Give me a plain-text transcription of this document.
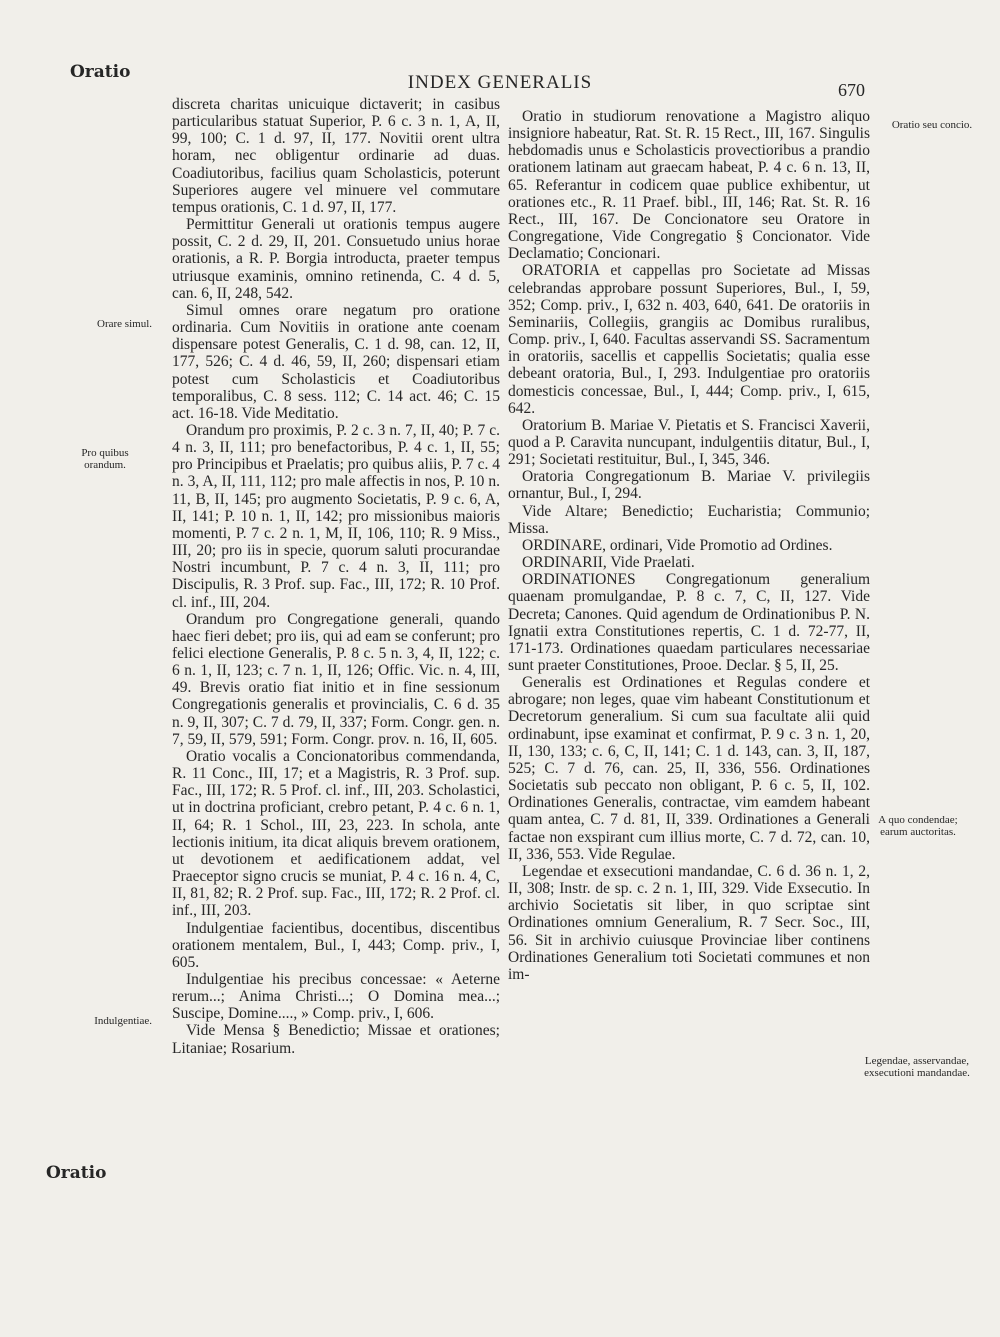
Oratio	INDEX GENERALIS	670
Oratio
Orare simul.
Pro quibus orandum.
Indulgentiae.
Oratio seu concio.
A quo condendae; earum auctoritas.
Legendae, asservandae, exsecutioni mandandae.

discreta charitas unicuique dictaverit; in casibus particularibus statuat Superior, P. 6 c. 3 n. 1, A, II, 99, 100; C. 1 d. 97, II, 177. Novitii orent ultra horam, nec obligentur ordinarie ad duas. Coadiutoribus, facilius quam Scholasticis, poterunt Superiores augere vel minuere vel commutare tempus orationis, C. 1 d. 97, II, 177.

Permittitur Generali ut orationis tempus augere possit, C. 2 d. 29, II, 201. Consuetudo unius horae orationis, a R. P. Borgia introducta, praeter tempus utriusque examinis, omnino retinenda, C. 4 d. 5, can. 6, II, 248, 542.

Simul omnes orare negatum pro oratione ordinaria. Cum Novitiis in oratione ante coenam dispensare potest Generalis, C. 1 d. 98, can. 12, II, 177, 526; C. 4 d. 46, 59, II, 260; dispensari etiam potest cum Scholasticis et Coadiutoribus temporalibus, C. 8 sess. 112; C. 14 act. 46; C. 15 act. 16-18. Vide Meditatio.

Orandum pro proximis, P. 2 c. 3 n. 7, II, 40; P. 7 c. 4 n. 3, II, 111; pro benefactoribus, P. 4 c. 1, II, 55; pro Principibus et Praelatis; pro quibus aliis, P. 7 c. 4 n. 3, A, II, 111, 112; pro male affectis in nos, P. 10 n. 11, B, II, 145; pro augmento Societatis, P. 9 c. 6, A, II, 141; P. 10 n. 1, II, 142; pro missionibus maioris momenti, P. 7 c. 2 n. 1, M, II, 106, 110; R. 9 Miss., III, 20; pro iis in specie, quorum saluti procurandae Nostri incumbunt, P. 7 c. 4 n. 3, II, 111; pro Discipulis, R. 3 Prof. sup. Fac., III, 172; R. 10 Prof. cl. inf., III, 204.

Orandum pro Congregatione generali, quando haec fieri debet; pro iis, qui ad eam se conferunt; pro felici electione Generalis, P. 8 c. 5 n. 3, 4, II, 122; c. 6 n. 1, II, 123; c. 7 n. 1, II, 126; Offic. Vic. n. 4, III, 49. Brevis oratio fiat initio et in fine sessionum Congregationis generalis et provincialis, C. 6 d. 35 n. 9, II, 307; C. 7 d. 79, II, 337; Form. Congr. gen. n. 7, 59, II, 579, 591; Form. Congr. prov. n. 16, II, 605.

Oratio vocalis a Concionatoribus commendanda, R. 11 Conc., III, 17; et a Magistris, R. 3 Prof. sup. Fac., III, 172; R. 5 Prof. cl. inf., III, 203. Scholastici, ut in doctrina proficiant, crebro petant, P. 4 c. 6 n. 1, II, 64; R. 1 Schol., III, 23, 223. In schola, ante lectionis initium, ita dicat aliquis brevem orationem, ut devotionem et aedificationem addat, vel Praeceptor signo crucis se muniat, P. 4 c. 16 n. 4, C, II, 81, 82; R. 2 Prof. sup. Fac., III, 172; R. 2 Prof. cl. inf., III, 203.

Indulgentiae facientibus, docentibus, discentibus orationem mentalem, Bul., I, 443; Comp. priv., I, 605.

Indulgentiae his precibus concessae: « Aeterne rerum...; Anima Christi...; O Domina mea...; Suscipe, Domine...., » Comp. priv., I, 606.

Vide Mensa § Benedictio; Missae et orationes; Litaniae; Rosarium.

Oratio in studiorum renovatione a Magistro aliquo insigniore habeatur, Rat. St. R. 15 Rect., III, 167. Singulis hebdomadis unus e Scholasticis provectioribus a prandio orationem latinam aut graecam habeat, P. 4 c. 6 n. 13, II, 65. Referantur in codicem quae publice exhibentur, ut orationes etc., R. 11 Praef. bibl., III, 146; Rat. St. R. 16 Rect., III, 167. De Concionatore seu Oratore in Congregatione, Vide Congregatio § Concionator. Vide Declamatio; Concionari.

ORATORIA et cappellas pro Societate ad Missas celebrandas approbare possunt Superiores, Bul., I, 59, 352; Comp. priv., I, 632 n. 403, 640, 641. De oratoriis in Seminariis, Collegiis, grangiis ac Domibus ruralibus, Comp. priv., I, 640. Facultas asservandi SS. Sacramentum in oratoriis, sacellis et cappellis Societatis; qualia esse debeant oratoria, Bul., I, 293. Indulgentiae pro oratoriis domesticis concessae, Bul., I, 444; Comp. priv., I, 615, 642.

Oratorium B. Mariae V. Pietatis et S. Francisci Xaverii, quod a P. Caravita nuncupant, indulgentiis ditatur, Bul., I, 291; Societati restituitur, Bul., I, 345, 346.

Oratoria Congregationum B. Mariae V. privilegiis ornantur, Bul., I, 294.

Vide Altare; Benedictio; Eucharistia; Communio; Missa.

ORDINARE, ordinari, Vide Promotio ad Ordines.

ORDINARII, Vide Praelati.

ORDINATIONES Congregationum generalium quaenam promulgandae, P. 8 c. 7, C, II, 127. Vide Decreta; Canones. Quid agendum de Ordinationibus P. N. Ignatii extra Constitutiones repertis, C. 1 d. 72-77, II, 171-173. Ordinationes quaedam particulares necessariae sunt praeter Constitutiones, Prooe. Declar. § 5, II, 25.

Generalis est Ordinationes et Regulas condere et abrogare; non leges, quae vim habeant Constitutionum et Decretorum generalium. Si cum sua facultate alii quid ordinabunt, ipse examinat et confirmat, P. 9 c. 3 n. 1, 20, II, 130, 133; c. 6, C, II, 141; C. 1 d. 143, can. 3, II, 187, 525; C. 7 d. 76, can. 25, II, 336, 556. Ordinationes Societatis sub peccato non obligant, P. 6 c. 5, II, 102. Ordinationes Generalis, contractae, vim eamdem habeant quam antea, C. 7 d. 81, II, 339. Ordinationes a Generali factae non exspirant cum illius morte, C. 7 d. 72, can. 10, II, 336, 553. Vide Regulae.

Legendae et exsecutioni mandandae, C. 6 d. 36 n. 1, 2, II, 308; Instr. de sp. c. 2 n. 1, III, 329. Vide Exsecutio. In archivio Societatis sit liber, in quo scriptae sint Ordinationes omnium Generalium, R. 7 Secr. Soc., III, 56. Sit in archivio cuiusque Provinciae liber continens Ordinationes Generalium toti Societati communes et non im-
